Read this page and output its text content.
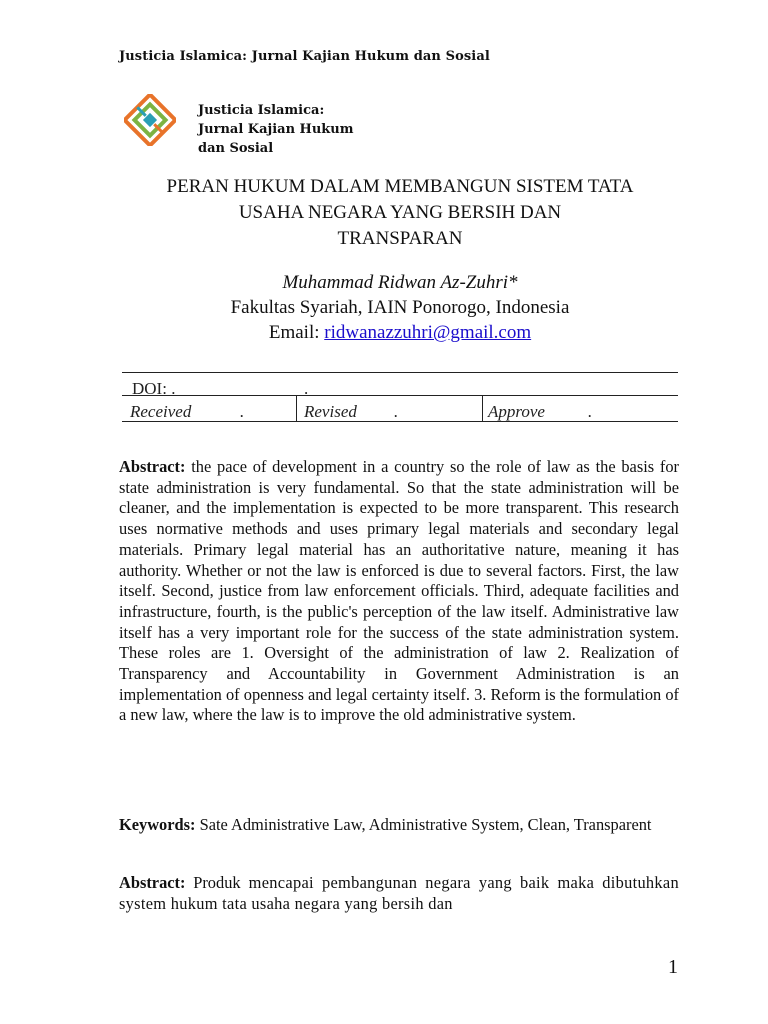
Justicia Islamica: Jurnal Kajian Hukum dan Sosial
Justicia Islamica:
Jurnal Kajian Hukum
dan Sosial
PERAN HUKUM DALAM MEMBANGUN SISTEM TATA
USAHA NEGARA YANG BERSIH DAN
TRANSPARAN
Muhammad Ridwan Az-Zuhri*
Fakultas Syariah, IAIN Ponorogo, Indonesia
Email: ridwanazzuhri@gmail.com
DOI: .	.
Received	.	Revised .	Approve	.
Abstract: the pace of development in a country so the role of law as the basis for state administration is very fundamental. So that the state administration will be cleaner, and the implementation is expected to be more transparent. This research uses normative methods and uses primary legal materials and secondary legal materials. Primary legal material has an authoritative nature, meaning it has authority. Whether or not the law is enforced is due to several factors. First, the law itself. Second, justice from law enforcement officials. Third, adequate facilities and infrastructure, fourth, is the public's perception of the law itself. Administrative law itself has a very important role for the success of the state administration system. These roles are 1. Oversight of the administration of law 2. Realization of Transparency and Accountability in Government Administration is an implementation of openness and legal certainty itself. 3. Reform is the formulation of a new law, where the law is to improve the old administrative system.
Keywords: Sate Administrative Law, Administrative System, Clean, Transparent
Abstract: Produk mencapai pembangunan negara yang baik maka dibutuhkan system hukum tata usaha negara yang bersih dan
1
